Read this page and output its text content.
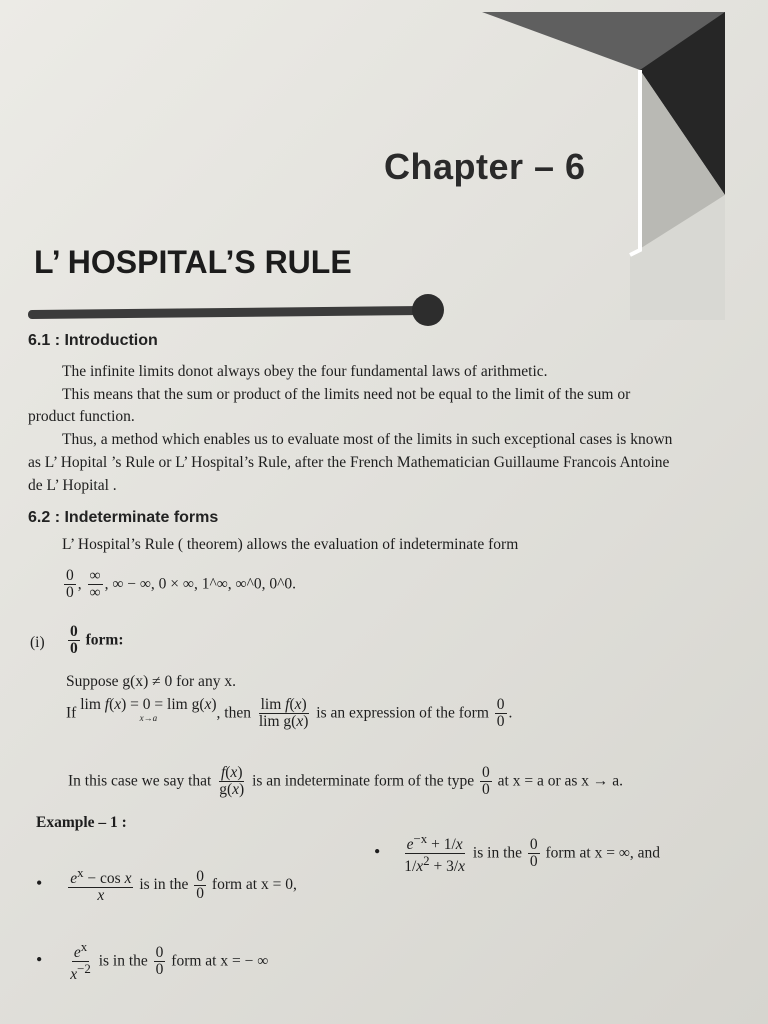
Chapter – 6
L’ HOSPITAL’S RULE
6.1 : Introduction
The infinite limits donot always obey the four fundamental laws of arithmetic.
This means that the sum or product of the limits need not be equal to the limit of the sum or
product function.
Thus, a method which enables us to evaluate most of the limits in such exceptional cases is known
as L’ Hopital ’s Rule or L’ Hospital’s Rule, after the French Mathematician Guillaume Francois Antoine
de L’ Hopital .
6.2 : Indeterminate forms
L’ Hospital’s Rule ( theorem) allows the evaluation of indeterminate form
$\frac{0}{0}$ , $\frac{\infty}{\infty}$ , ∞ − ∞, 0 × ∞, 1^∞, ∞^0, 0^0.
$(i) \frac{0}{0}$ form:
Suppose g(x) ≠ 0 for any x.
If lim f(x) = 0 = lim g(x)
x→a	, then $\frac{\text{lim f(x)}}{\text{lim g(x)}}$ is an expression of the form $\frac{0}{0}$ .
In this case we say that $\frac{f(x)}{g(x)}$ is an indeterminate form of the type $\frac{0}{0}$ at x = a or as x → a.
Example – 1 :
• $\frac{e^x - \cos x}{x}$ is in the $\frac{0}{0}$ form at x = 0,
• $\frac{e^{-x} + 1/x}{1/x^2 + 3/x}$ is in the $\frac{0}{0}$ form at x = ∞, and
• $\frac{e^x}{x^{-2}}$ is in the $\frac{0}{0}$ form at x = − ∞
